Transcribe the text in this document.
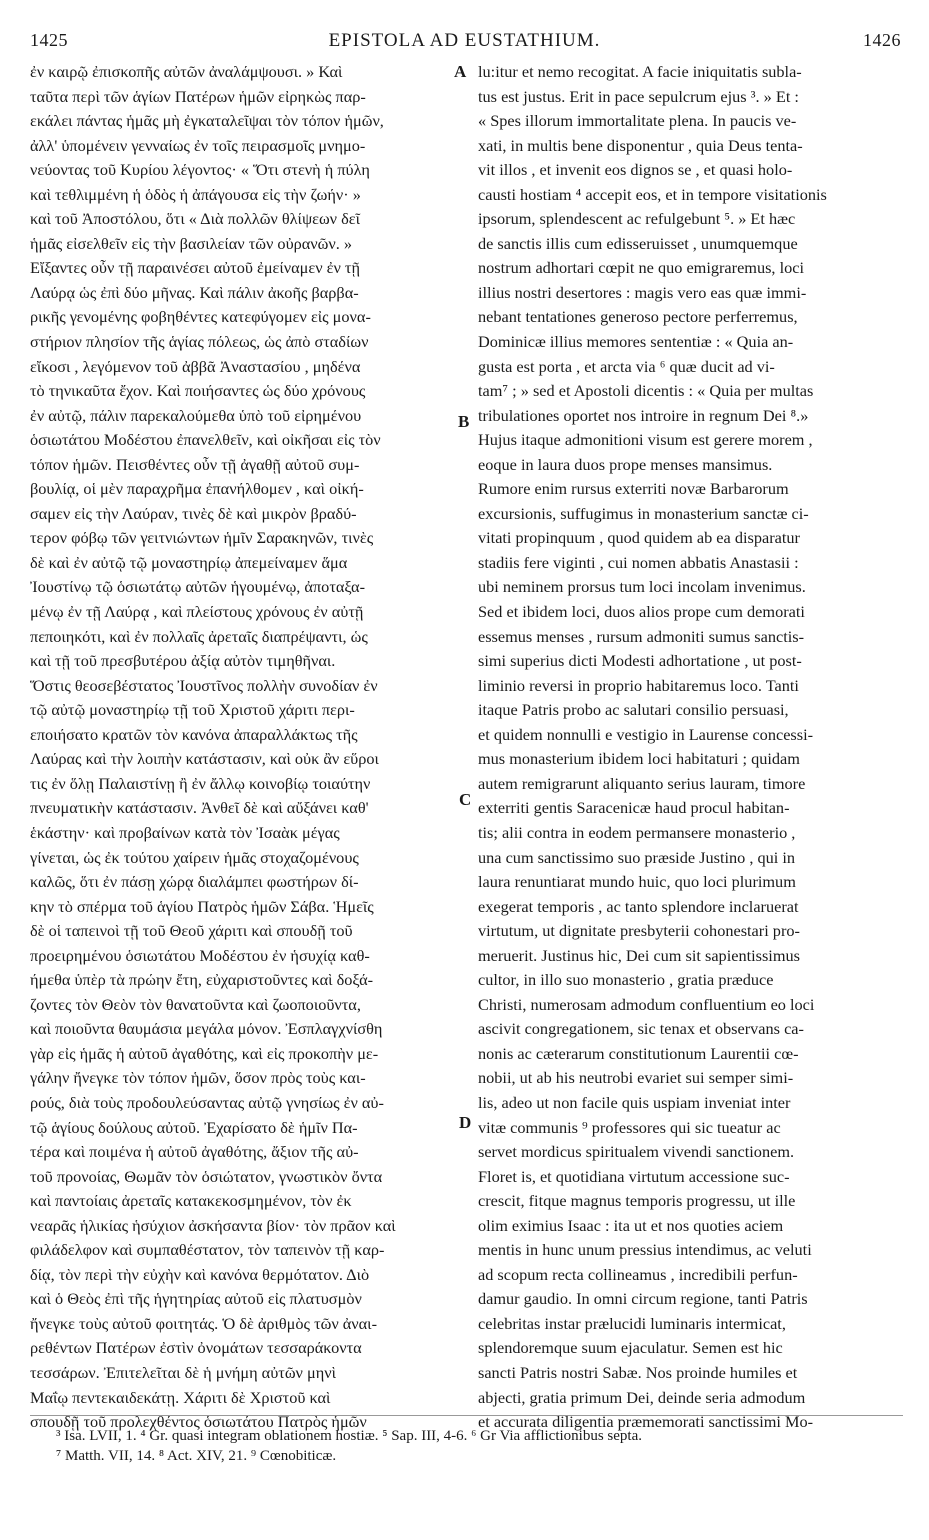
EPISTOLA AD EUSTATHIUM.
1425	1426
ἐν καιρῷ ἐπισκοπῆς αὐτῶν ἀναλάμψουσι. » Καὶ
ταῦτα περὶ τῶν ἁγίων Πατέρων ἡμῶν εἰρηκὼς παρ-
εκάλει πάντας ἡμᾶς μὴ ἐγκαταλεῖψαι τὸν τόπον ἡμῶν,
ἀλλ' ὑπομένειν γενναίως ἐν τοῖς πειρασμοῖς μνημο-
νεύοντας τοῦ Κυρίου λέγοντος· « Ὅτι στενὴ ἡ πύλη
καὶ τεθλιμμένη ἡ ὁδὸς ἡ ἀπάγουσα εἰς τὴν ζωήν· »
καὶ τοῦ Ἀποστόλου, ὅτι « Διὰ πολλῶν θλίψεων δεῖ
ἡμᾶς εἰσελθεῖν εἰς τὴν βασιλείαν τῶν οὐρανῶν. »
Εἴξαντες οὖν τῇ παραινέσει αὐτοῦ ἐμείναμεν ἐν τῇ
Λαύρᾳ ὡς ἐπὶ δύο μῆνας. Καὶ πάλιν ἀκοῆς βαρβα-
ρικῆς γενομένης φοβηθέντες κατεφύγομεν εἰς μονα-
στήριον πλησίον τῆς ἁγίας πόλεως, ὡς ἀπὸ σταδίων
εἴκοσι , λεγόμενον τοῦ ἀββᾶ Ἀναστασίου , μηδένα
τὸ τηνικαῦτα ἔχον. Καὶ ποιήσαντες ὡς δύο χρόνους
ἐν αὐτῷ, πάλιν παρεκαλούμεθα ὑπὸ τοῦ εἰρημένου
ὁσιωτάτου Μοδέστου ἐπανελθεῖν, καὶ οἰκῆσαι εἰς τὸν
τόπον ἡμῶν. Πεισθέντες οὖν τῇ ἀγαθῇ αὐτοῦ συμ-
βουλίᾳ, οἱ μὲν παραχρῆμα ἐπανήλθομεν , καὶ οἰκή-
σαμεν εἰς τὴν Λαύραν, τινὲς δὲ καὶ μικρὸν βραδύ-
τερον φόβῳ τῶν γειτνιώντων ἡμῖν Σαρακηνῶν, τινὲς
δὲ καὶ ἐν αὐτῷ τῷ μοναστηρίῳ ἀπεμείναμεν ἅμα
Ἰουστίνῳ τῷ ὁσιωτάτῳ αὐτῶν ἡγουμένῳ, ἀποταξα-
μένῳ ἐν τῇ Λαύρᾳ , καὶ πλείστους χρόνους ἐν αὐτῇ
πεποιηκότι, καὶ ἐν πολλαῖς ἀρεταῖς διαπρέψαντι, ὡς
καὶ τῇ τοῦ πρεσβυτέρου ἀξίᾳ αὐτὸν τιμηθῆναι.
Ὅστις θεοσεβέστατος Ἰουστῖνος πολλὴν συνοδίαν ἐν
τῷ αὐτῷ μοναστηρίῳ τῇ τοῦ Χριστοῦ χάριτι περι-
εποιήσατο κρατῶν τὸν κανόνα ἀπαραλλάκτως τῆς
Λαύρας καὶ τὴν λοιπὴν κατάστασιν, καὶ οὐκ ἂν εὕροι
τις ἐν ὅλῃ Παλαιστίνῃ ἢ ἐν ἄλλῳ κοινοβίῳ τοιαύτην
πνευματικὴν κατάστασιν. Ἀνθεῖ δὲ καὶ αὔξάνει καθ'
ἑκάστην· καὶ προβαίνων κατὰ τὸν Ἰσαὰκ μέγας
γίνεται, ὡς ἐκ τούτου χαίρειν ἡμᾶς στοχαζομένους
καλῶς, ὅτι ἐν πάσῃ χώρᾳ διαλάμπει φωστήρων δί-
κην τὸ σπέρμα τοῦ ἁγίου Πατρὸς ἡμῶν Σάβα. Ἡμεῖς
δὲ οἱ ταπεινοὶ τῇ τοῦ Θεοῦ χάριτι καὶ σπουδῇ τοῦ
προειρημένου ὁσιωτάτου Μοδέστου ἐν ἡσυχίᾳ καθ-
ήμεθα ὑπὲρ τὰ πρώην ἔτη, εὐχαριστοῦντες καὶ δοξά-
ζοντες τὸν Θεὸν τὸν θανατοῦντα καὶ ζωοποιοῦντα,
καὶ ποιοῦντα θαυμάσια μεγάλα μόνον. Ἐσπλαγχνίσθη
γὰρ εἰς ἡμᾶς ἡ αὐτοῦ ἀγαθότης, καὶ εἰς προκοπὴν με-
γάλην ἤνεγκε τὸν τόπον ἡμῶν, ὅσον πρὸς τοὺς και-
ρούς, διὰ τοὺς προδουλεύσαντας αὐτῷ γνησίως ἐν αὐ-
τῷ ἁγίους δούλους αὐτοῦ. Ἐχαρίσατο δὲ ἡμῖν Πα-
τέρα καὶ ποιμένα ἡ αὐτοῦ ἀγαθότης, ἄξιον τῆς αὐ-
τοῦ προνοίας, Θωμᾶν τὸν ὁσιώτατον, γνωστικὸν ὄντα
καὶ παντοίαις ἀρεταῖς κατακεκοσμημένον, τὸν ἐκ
νεαρᾶς ἡλικίας ἡσύχιον ἀσκήσαντα βίον· τὸν πρᾶον καὶ
φιλάδελφον καὶ συμπαθέστατον, τὸν ταπεινὸν τῇ καρ-
δίᾳ, τὸν περὶ τὴν εὐχὴν καὶ κανόνα θερμότατον. Διὸ
καὶ ὁ Θεὸς ἐπὶ τῆς ἡγητηρίας αὐτοῦ εἰς πλατυσμὸν
ἤνεγκε τοὺς αὐτοῦ φοιτητάς. Ὁ δὲ ἀριθμὸς τῶν ἀναι-
ρεθέντων Πατέρων ἐστὶν ὀνομάτων τεσσαράκοντα
τεσσάρων. Ἐπιτελεῖται δὲ ἡ μνήμη αὐτῶν μηνὶ
Μαΐῳ πεντεκαιδεκάτῃ. Χάριτι δὲ Χριστοῦ καὶ
σπουδῇ τοῦ προλεχθέντος ὁσιωτάτου Πατρὸς ἡμῶν
lu:itur et nemo recogitat. A facie iniquitatis subla-
tus est justus. Erit in pace sepulcrum ejus ³. » Et :
« Spes illorum immortalitate plena. In paucis ve-
xati, in multis bene disponentur , quia Deus tenta-
vit illos , et invenit eos dignos se , et quasi holo-
causti hostiam ⁴ accepit eos, et in tempore visitationis
ipsorum, splendescent ac refulgebunt ⁵. » Et hæc
de sanctis illis cum edisseruisset , unumquemque
nostrum adhortari cœpit ne quo emigraremus, loci
illius nostri desertores : magis vero eas quæ immi-
nebant tentationes generoso pectore perferremus,
Dominicæ illius memores sententiæ : « Quia an-
gusta est porta , et arcta via ⁶ quæ ducit ad vi-
tam⁷ ; » sed et Apostoli dicentis : « Quia per multas
tribulationes oportet nos introire in regnum Dei ⁸.»
Hujus itaque admonitioni visum est gerere morem ,
eoque in laura duos prope menses mansimus.
Rumore enim rursus exterriti novæ Barbarorum
excursionis, suffugimus in monasterium sanctæ ci-
vitati propinquum , quod quidem ab ea disparatur
stadiis fere viginti , cui nomen abbatis Anastasii :
ubi neminem prorsus tum loci incolam invenimus.
Sed et ibidem loci, duos alios prope cum demorati
essemus menses , rursum admoniti sumus sanctis-
simi superius dicti Modesti adhortatione , ut post-
liminio reversi in proprio habitaremus loco. Tanti
itaque Patris probo ac salutari consilio persuasi,
et quidem nonnulli e vestigio in Laurense concessi-
mus monasterium ibidem loci habitaturi ; quidam
autem remigrarunt aliquanto serius lauram, timore
exterriti gentis Saracenicæ haud procul habitan-
tis; alii contra in eodem permansere monasterio ,
una cum sanctissimo suo præside Justino , qui in
laura renuntiarat mundo huic, quo loci plurimum
exegerat temporis , ac tanto splendore inclaruerat
virtutum, ut dignitate presbyterii cohonestari pro-
meruerit. Justinus hic, Dei cum sit sapientissimus
cultor, in illo suo monasterio , gratia præduce
Christi, numerosam admodum confluentium eo loci
ascivit congregationem, sic tenax et observans ca-
nonis ac cæterarum constitutionum Laurentii cœ-
nobii, ut ab his neutrobi evariet sui semper simi-
lis, adeo ut non facile quis uspiam inveniat inter
vitæ communis ⁹ professores qui sic tueatur ac
servet mordicus spiritualem vivendi sanctionem.
Floret is, et quotidiana virtutum accessione suc-
crescit, fitque magnus temporis progressu, ut ille
olim eximius Isaac : ita ut et nos quoties aciem
mentis in hunc unum pressius intendimus, ac veluti
ad scopum recta collineamus , incredibili perfun-
damur gaudio. In omni circum regione, tanti Patris
celebritas instar prælucidi luminaris intermicat,
splendoremque suum ejaculatur. Semen est hic
sancti Patris nostri Sabæ. Nos proinde humiles et
abjecti, gratia primum Dei, deinde seria admodum
et accurata diligentia præmemorati sanctissimi Mo-
A
B
C
D
³ Isa. LVII, 1. ⁴ Gr. quasi integram oblationem hostiæ. ⁵ Sap. III, 4-6. ⁶ Gr Via afflictionibus septa.
⁷ Matth. VII, 14. ⁸ Act. XIV, 21. ⁹ Cœnobiticæ.
